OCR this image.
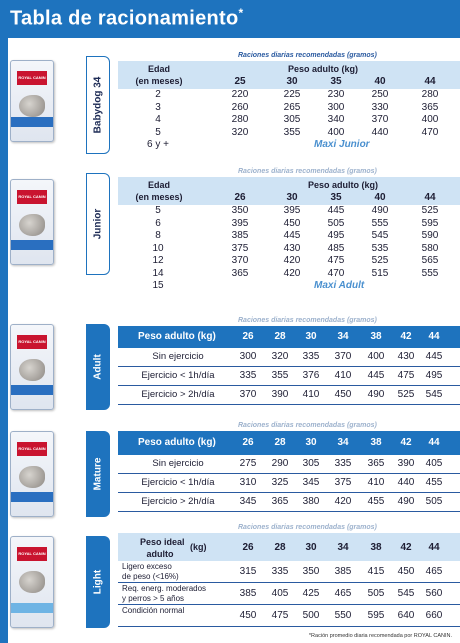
Tabla de racionamiento*
ROYAL CANIN	Babydog 34
Raciones diarias recomendadas (gramos)
Edad
(en meses)
Peso adulto (kg)
25	30	35	40	44
2	220	225	230	250	280
3	260	265	300	330	365
4	280	305	340	370	400
5	320	355	400	440	470
6 y +	Maxi Junior
ROYAL CANIN
Junior
Raciones diarias recomendadas (gramos)
Edad
(en meses)
Peso adulto (kg)
26	30	35	40	44
5	350	395	445	490	525
6	395	450	505	555	595
8	385	445	495	545	590
10	375	430	485	535	580
12	370	420	475	525	565
14	365	420	470	515	555
15	Maxi Adult
ROYAL CANIN
Adult
Raciones diarias recomendadas (gramos)
Peso adulto (kg)	26	28	30	34	38	42	44
Sin ejercicio	300	320	335	370	400	430	445
Ejercicio < 1h/día	335	355	376	410	445	475	495
Ejercicio > 2h/día	370	390	410	450	490	525	545
ROYAL CANIN
Mature
Raciones diarias recomendadas (gramos)
Peso adulto (kg)	26	28	30	34	38	42	44
Sin ejercicio	275	290	305	335	365	390	405
Ejercicio < 1h/día	310	325	345	375	410	440	455
Ejercicio > 2h/día	345	365	380	420	455	490	505
ROYAL CANIN
Light
Raciones diarias recomendadas (gramos)
Peso ideal
adulto
(kg)	26	28	30	34	38	42	44
Ligero exceso
de peso (<16%)	315	335	350	385	415	450	465
Req. energ. moderados
y perros > 5 años	385	405	425	465	505	545	560
Condición normal	450	475	500	550	595	640	660
*Ración promedio diaria recomendada por ROYAL CANIN.
